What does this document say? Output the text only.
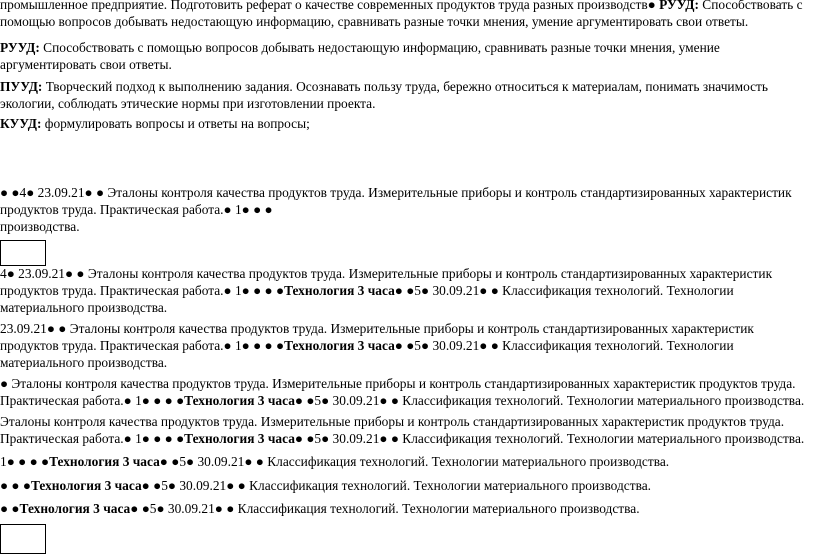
промышленное предприятие. Подготовить реферат о качестве современных продуктов труда разных производств● РУУД: Способствовать с помощью вопросов добывать недостающую информацию, сравнивать разные точки мнения, умение аргументировать свои ответы.

РУУД: Способствовать с помощью вопросов добывать недостающую информацию, сравнивать разные точки мнения, умение аргументировать свои ответы.

ПУУД: Творческий подход к выполнению задания. Осознавать пользу труда, бережно относиться к материалам, понимать значимость экологии, соблюдать этические нормы при изготовлении проекта.

КУУД: формулировать вопросы и ответы на вопросы;

● ●4● 23.09.21● ● Эталоны контроля качества продуктов труда. Измерительные приборы и контроль стандартизированных характеристик продуктов труда. Практическая работа.● 1● ● ●

производства.

4● 23.09.21● ● Эталоны контроля качества продуктов труда. Измерительные приборы и контроль стандартизированных характеристик продуктов труда. Практическая работа.● 1● ● ● ●Технология 3 часа● ●5● 30.09.21● ● Классификация технологий. Технологии материального производства.

23.09.21● ● Эталоны контроля качества продуктов труда. Измерительные приборы и контроль стандартизированных характеристик продуктов труда. Практическая работа.● 1● ● ● ●Технология 3 часа● ●5● 30.09.21● ● Классификация технологий. Технологии материального производства.

● Эталоны контроля качества продуктов труда. Измерительные приборы и контроль стандартизированных характеристик продуктов труда. Практическая работа.● 1● ● ● ●Технология 3 часа● ●5● 30.09.21● ● Классификация технологий. Технологии материального производства.

Эталоны контроля качества продуктов труда. Измерительные приборы и контроль стандартизированных характеристик продуктов труда. Практическая работа.● 1● ● ● ●Технология 3 часа● ●5● 30.09.21● ● Классификация технологий. Технологии материального производства.

1● ● ● ●Технология 3 часа● ●5● 30.09.21● ● Классификация технологий. Технологии материального производства.

● ● ●Технология 3 часа● ●5● 30.09.21● ● Классификация технологий. Технологии материального производства.

● ●Технология 3 часа● ●5● 30.09.21● ● Классификация технологий. Технологии материального производства.
